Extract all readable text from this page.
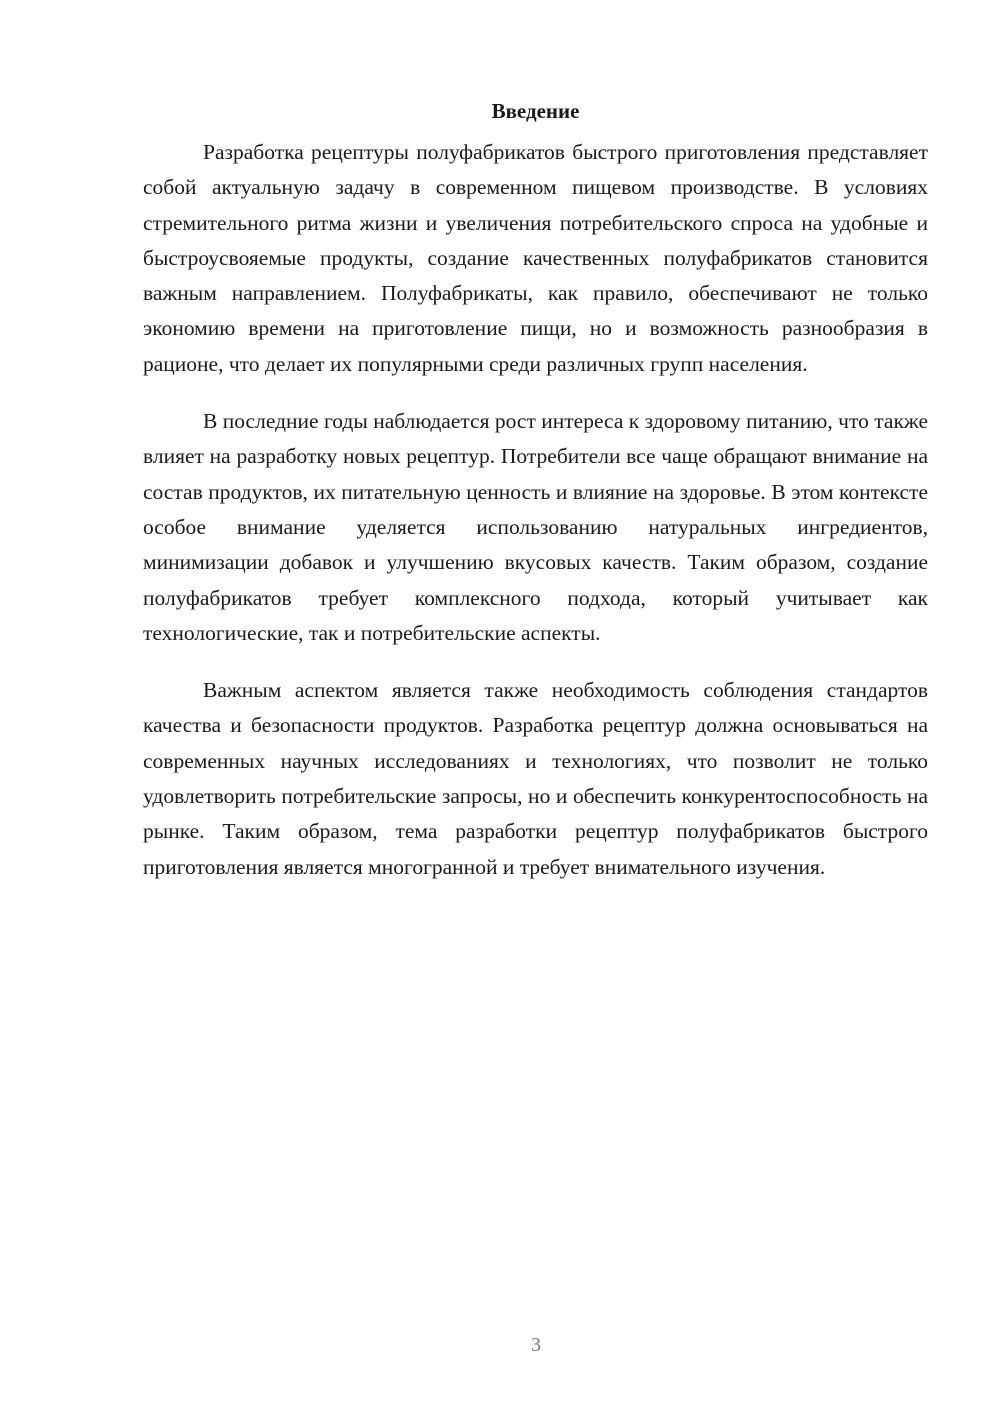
Введение

Разработка рецептуры полуфабрикатов быстрого приготовления представляет собой актуальную задачу в современном пищевом производстве. В условиях стремительного ритма жизни и увеличения потребительского спроса на удобные и быстроусвояемые продукты, создание качественных полуфабрикатов становится важным направлением. Полуфабрикаты, как правило, обеспечивают не только экономию времени на приготовление пищи, но и возможность разнообразия в рационе, что делает их популярными среди различных групп населения.

В последние годы наблюдается рост интереса к здоровому питанию, что также влияет на разработку новых рецептур. Потребители все чаще обращают внимание на состав продуктов, их питательную ценность и влияние на здоровье. В этом контексте особое внимание уделяется использованию натуральных ингредиентов, минимизации добавок и улучшению вкусовых качеств. Таким образом, создание полуфабрикатов требует комплексного подхода, который учитывает как технологические, так и потребительские аспекты.

Важным аспектом является также необходимость соблюдения стандартов качества и безопасности продуктов. Разработка рецептур должна основываться на современных научных исследованиях и технологиях, что позволит не только удовлетворить потребительские запросы, но и обеспечить конкурентоспособность на рынке. Таким образом, тема разработки рецептур полуфабрикатов быстрого приготовления является многогранной и требует внимательного изучения.

3
